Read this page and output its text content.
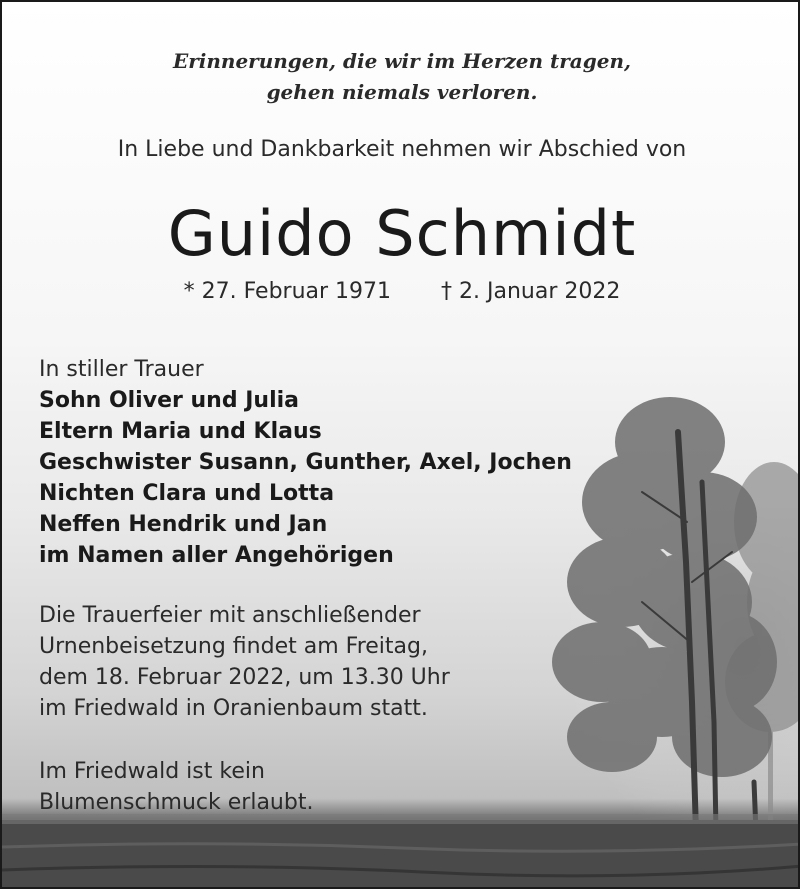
Erinnerungen, die wir im Herzen tragen,
gehen niemals verloren.
In Liebe und Dankbarkeit nehmen wir Abschied von
Guido Schmidt
* 27. Februar 1971 † 2. Januar 2022
In stiller Trauer
Sohn Oliver und Julia
Eltern Maria und Klaus
Geschwister Susann, Gunther, Axel, Jochen
Nichten Clara und Lotta
Neffen Hendrik und Jan
im Namen aller Angehörigen
Die Trauerfeier mit anschließender
Urnenbeisetzung findet am Freitag,
dem 18. Februar 2022, um 13.30 Uhr
im Friedwald in Oranienbaum statt.
Im Friedwald ist kein
Blumenschmuck erlaubt.
